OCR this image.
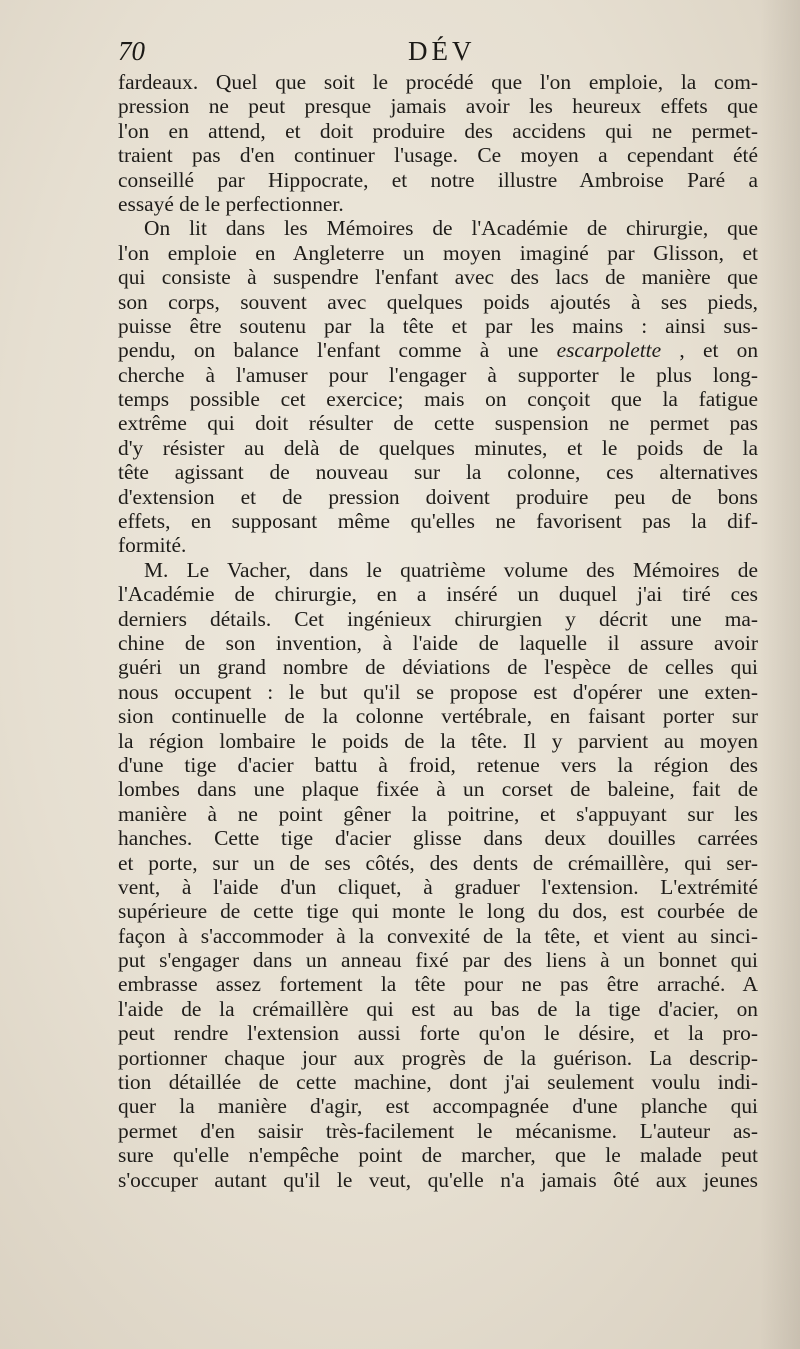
70	DÉV
fardeaux. Quel que soit le procédé que l'on emploie, la com-
pression ne peut presque jamais avoir les heureux effets que
l'on en attend, et doit produire des accidens qui ne permet-
traient pas d'en continuer l'usage. Ce moyen a cependant été
conseillé par Hippocrate, et notre illustre Ambroise Paré a
essayé de le perfectionner.
On lit dans les Mémoires de l'Académie de chirurgie, que
l'on emploie en Angleterre un moyen imaginé par Glisson, et
qui consiste à suspendre l'enfant avec des lacs de manière que
son corps, souvent avec quelques poids ajoutés à ses pieds,
puisse être soutenu par la tête et par les mains : ainsi sus-
pendu, on balance l'enfant comme à une escarpolette , et on
cherche à l'amuser pour l'engager à supporter le plus long-
temps possible cet exercice; mais on conçoit que la fatigue
extrême qui doit résulter de cette suspension ne permet pas
d'y résister au delà de quelques minutes, et le poids de la
tête agissant de nouveau sur la colonne, ces alternatives
d'extension et de pression doivent produire peu de bons
effets, en supposant même qu'elles ne favorisent pas la dif-
formité.
M. Le Vacher, dans le quatrième volume des Mémoires de
l'Académie de chirurgie, en a inséré un duquel j'ai tiré ces
derniers détails. Cet ingénieux chirurgien y décrit une ma-
chine de son invention, à l'aide de laquelle il assure avoir
guéri un grand nombre de déviations de l'espèce de celles qui
nous occupent : le but qu'il se propose est d'opérer une exten-
sion continuelle de la colonne vertébrale, en faisant porter sur
la région lombaire le poids de la tête. Il y parvient au moyen
d'une tige d'acier battu à froid, retenue vers la région des
lombes dans une plaque fixée à un corset de baleine, fait de
manière à ne point gêner la poitrine, et s'appuyant sur les
hanches. Cette tige d'acier glisse dans deux douilles carrées
et porte, sur un de ses côtés, des dents de crémaillère, qui ser-
vent, à l'aide d'un cliquet, à graduer l'extension. L'extrémité
supérieure de cette tige qui monte le long du dos, est courbée de
façon à s'accommoder à la convexité de la tête, et vient au sinci-
put s'engager dans un anneau fixé par des liens à un bonnet qui
embrasse assez fortement la tête pour ne pas être arraché. A
l'aide de la crémaillère qui est au bas de la tige d'acier, on
peut rendre l'extension aussi forte qu'on le désire, et la pro-
portionner chaque jour aux progrès de la guérison. La descrip-
tion détaillée de cette machine, dont j'ai seulement voulu indi-
quer la manière d'agir, est accompagnée d'une planche qui
permet d'en saisir très-facilement le mécanisme. L'auteur as-
sure qu'elle n'empêche point de marcher, que le malade peut
s'occuper autant qu'il le veut, qu'elle n'a jamais ôté aux jeunes
